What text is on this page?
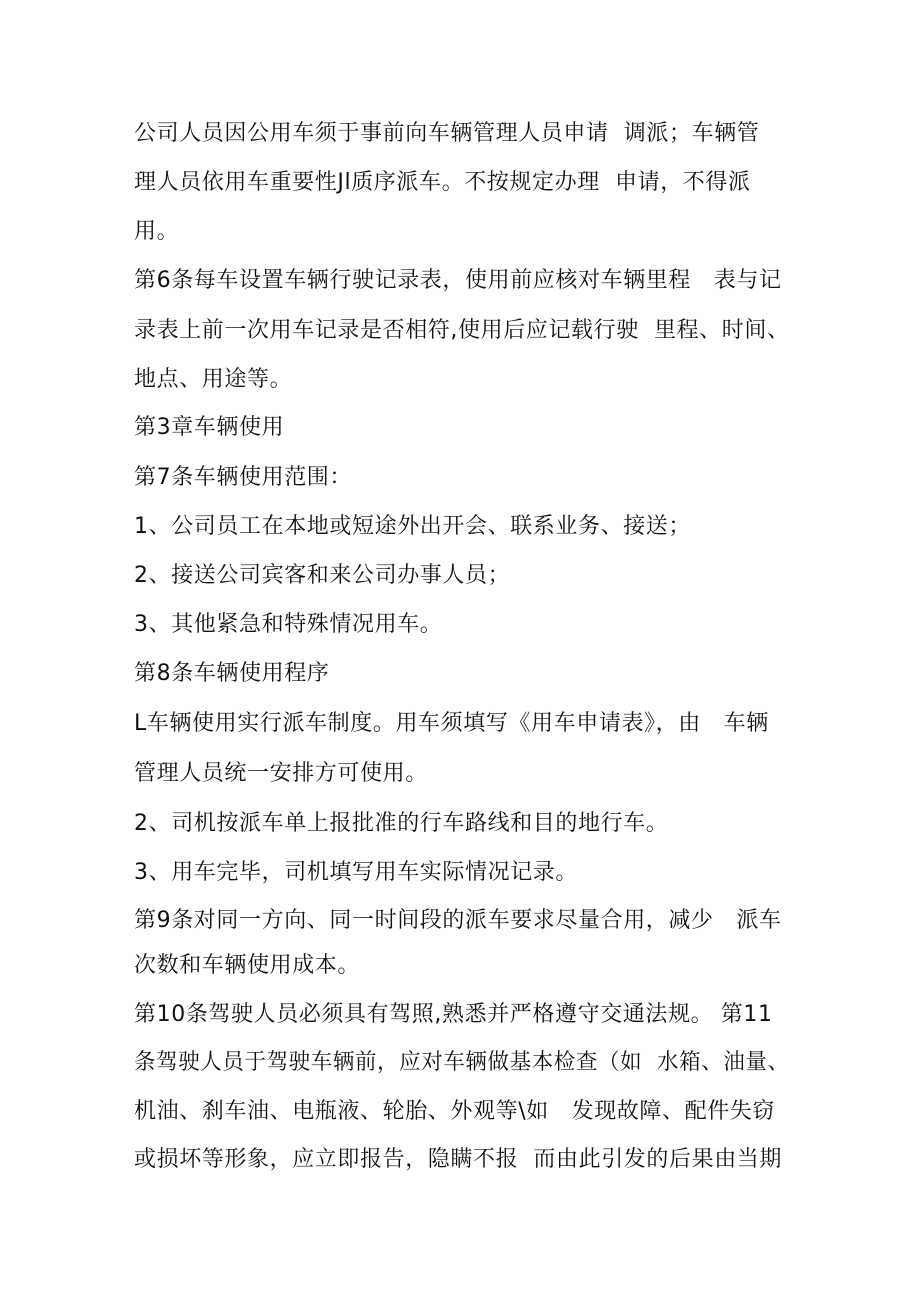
公司人员因公用车须于事前向车辆管理人员申请  调派；车辆管

理人员依用车重要性Jl质序派车。不按规定办理  申请，不得派

用。

第6条每车设置车辆行驶记录表，使用前应核对车辆里程   表与记

录表上前一次用车记录是否相符,使用后应记载行驶  里程、时间、

地点、用途等。

第3章车辆使用

第7条车辆使用范围：

1、公司员工在本地或短途外出开会、联系业务、接送；

2、接送公司宾客和来公司办事人员；

3、其他紧急和特殊情况用车。

第8条车辆使用程序

L车辆使用实行派车制度。用车须填写《用车申请表》，由   车辆

管理人员统一安排方可使用。

2、司机按派车单上报批准的行车路线和目的地行车。

3、用车完毕，司机填写用车实际情况记录。

第9条对同一方向、同一时间段的派车要求尽量合用，减少   派车

次数和车辆使用成本。

第10条驾驶人员必须具有驾照,熟悉并严格遵守交通法规。 第11

条驾驶人员于驾驶车辆前，应对车辆做基本检查（如  水箱、油量、

机油、刹车油、电瓶液、轮胎、外观等\如   发现故障、配件失窃

或损坏等形象，应立即报告，隐瞒不报  而由此引发的后果由当期
